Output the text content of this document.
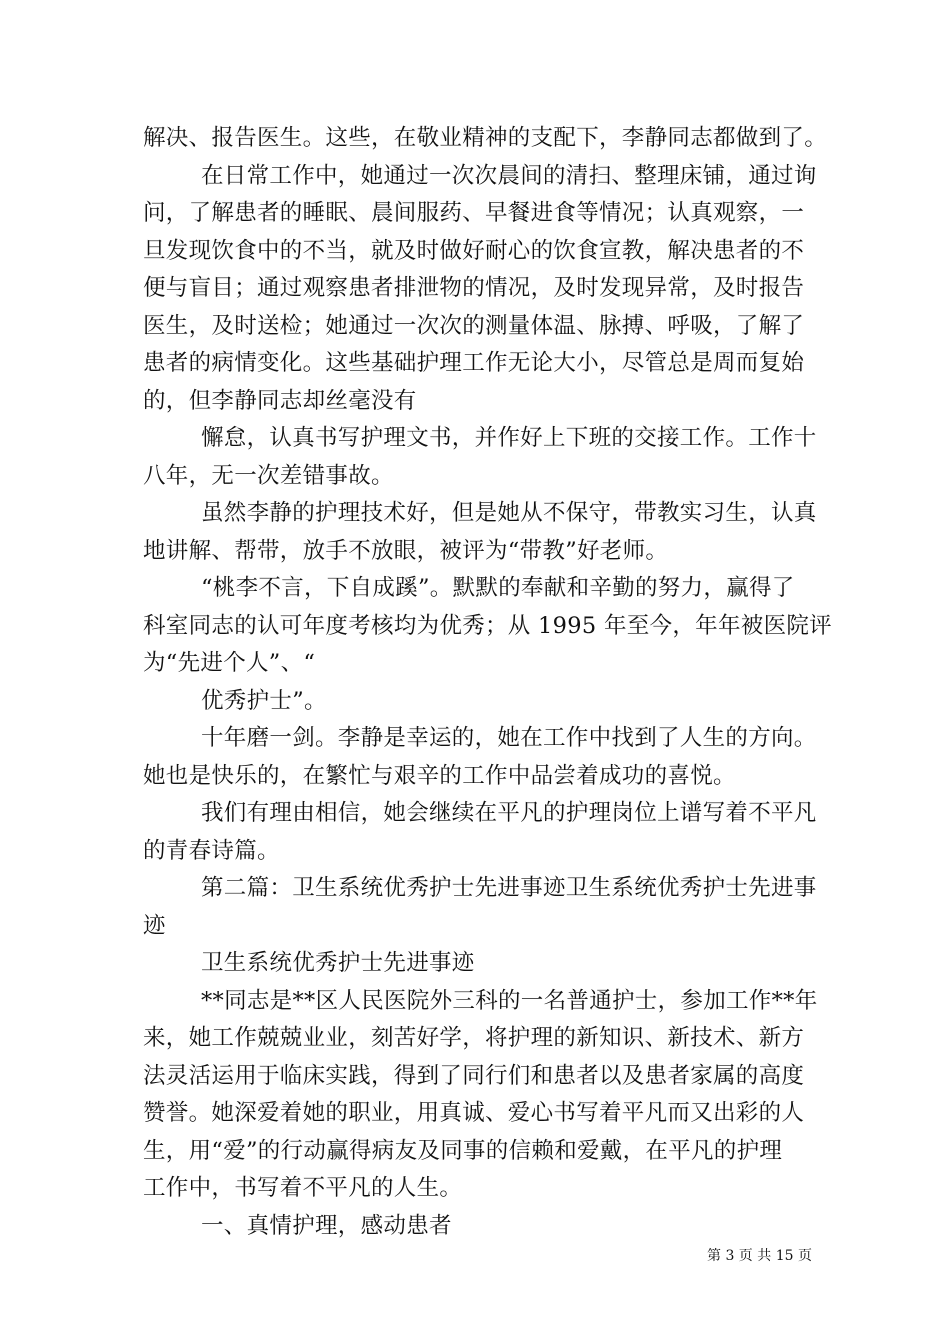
解决、报告医生。这些，在敬业精神的支配下，李静同志都做到了。
在日常工作中，她通过一次次晨间的清扫、整理床铺，通过询
问，了解患者的睡眠、晨间服药、早餐进食等情况；认真观察，一
旦发现饮食中的不当，就及时做好耐心的饮食宣教，解决患者的不
便与盲目；通过观察患者排泄物的情况，及时发现异常，及时报告
医生，及时送检；她通过一次次的测量体温、脉搏、呼吸，了解了
患者的病情变化。这些基础护理工作无论大小，尽管总是周而复始
的，但李静同志却丝毫没有
懈怠，认真书写护理文书，并作好上下班的交接工作。工作十
八年，无一次差错事故。
虽然李静的护理技术好，但是她从不保守，带教实习生，认真
地讲解、帮带，放手不放眼，被评为“带教”好老师。
“桃李不言，下自成蹊”。默默的奉献和辛勤的努力，赢得了
科室同志的认可年度考核均为优秀；从 1995 年至今，年年被医院评
为“先进个人”、“
优秀护士”。
十年磨一剑。李静是幸运的，她在工作中找到了人生的方向。
她也是快乐的，在繁忙与艰辛的工作中品尝着成功的喜悦。
我们有理由相信，她会继续在平凡的护理岗位上谱写着不平凡
的青春诗篇。
第二篇：卫生系统优秀护士先进事迹卫生系统优秀护士先进事
迹
卫生系统优秀护士先进事迹
**同志是**区人民医院外三科的一名普通护士，参加工作**年
来，她工作兢兢业业，刻苦好学，将护理的新知识、新技术、新方
法灵活运用于临床实践，得到了同行们和患者以及患者家属的高度
赞誉。她深爱着她的职业，用真诚、爱心书写着平凡而又出彩的人
生，用“爱”的行动赢得病友及同事的信赖和爱戴，在平凡的护理
工作中，书写着不平凡的人生。
一、真情护理，感动患者
第 3 页 共 15 页
